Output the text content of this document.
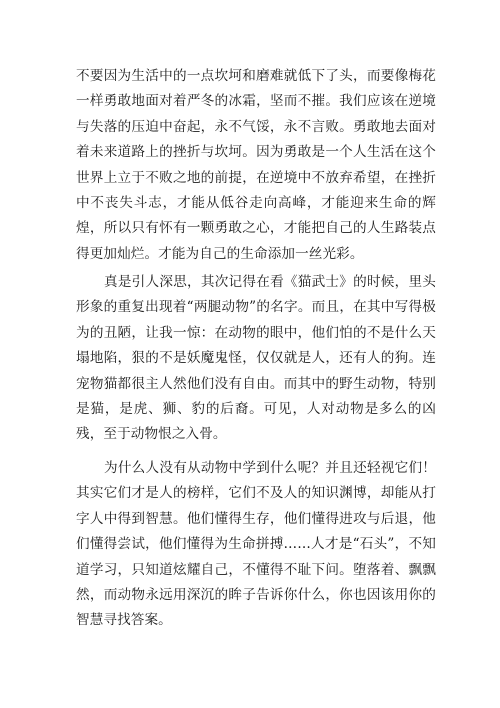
不要因为生活中的一点坎坷和磨难就低下了头，而要像梅花一样勇敢地面对着严冬的冰霜，坚而不摧。我们应该在逆境与失落的压迫中奋起，永不气馁，永不言败。勇敢地去面对着未来道路上的挫折与坎坷。因为勇敢是一个人生活在这个世界上立于不败之地的前提，在逆境中不放弃希望，在挫折中不丧失斗志，才能从低谷走向高峰，才能迎来生命的辉煌，所以只有怀有一颗勇敢之心，才能把自己的人生路装点得更加灿烂。才能为自己的生命添加一丝光彩。

真是引人深思，其次记得在看《猫武士》的时候，里头形象的重复出现着“两腿动物”的名字。而且，在其中写得极为的丑陋，让我一惊：在动物的眼中，他们怕的不是什么天塌地陷，狠的不是妖魔鬼怪，仅仅就是人，还有人的狗。连宠物猫都很主人然他们没有自由。而其中的野生动物，特别是猫，是虎、狮、豹的后裔。可见，人对动物是多么的凶残，至于动物恨之入骨。

为什么人没有从动物中学到什么呢？并且还轻视它们！其实它们才是人的榜样，它们不及人的知识渊博，却能从打字人中得到智慧。他们懂得生存，他们懂得进攻与后退，他们懂得尝试，他们懂得为生命拼搏……人才是“石头”，不知道学习，只知道炫耀自己，不懂得不耻下问。堕落着、飘飘然，而动物永远用深沉的眸子告诉你什么，你也因该用你的智慧寻找答案。
